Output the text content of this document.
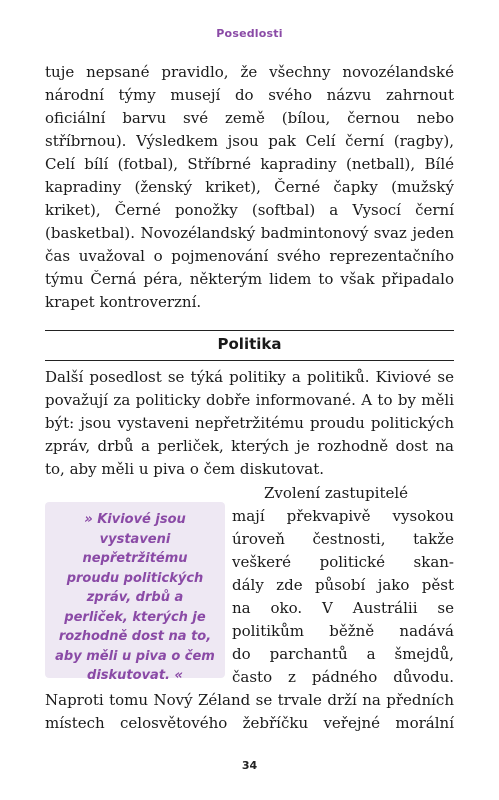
Posedlosti

tuje nepsané pravidlo, že všechny novozélandské národní týmy musejí do svého názvu zahrnout oficiální barvu své země (bílou, černou nebo stříbrnou). Výsledkem jsou pak Celí černí (ragby), Celí bílí (fotbal), Stříbrné kapradiny (netball), Bílé kapradiny (ženský kriket), Černé čapky (mužský kriket), Černé ponožky (softbal) a Vysocí černí (basketbal). Novozélandský badmintonový svaz jeden čas uvažoval o pojmenování svého reprezentačního týmu Černá péra, některým lidem to však připadalo krapet kontroverzní.

Politika

Další posedlost se týká politiky a politiků. Kiviové se považují za politicky dobře informované. A to by měli být: jsou vystaveni nepřetržitému proudu politických zpráv, drbů a perliček, kterých je rozhodně dost na to, aby měli u piva o čem diskutovat.

» Kiviové jsou vystaveni nepřetržitému proudu politických zpráv, drbů a perliček, kterých je rozhodně dost na to, aby měli u piva o čem diskutovat. «
Zvolení zastupitelé
mají překvapivě vysokou
úroveň čestnosti, takže
veškeré politické skan-
dály zde působí jako pěst
na oko. V Austrálii se
politikům běžně nadává
do parchantů a šmejdů,
často z pádného důvodu.
Naproti tomu Nový Zéland se trvale drží na předních
místech celosvětového žebříčku veřejné morální
34
